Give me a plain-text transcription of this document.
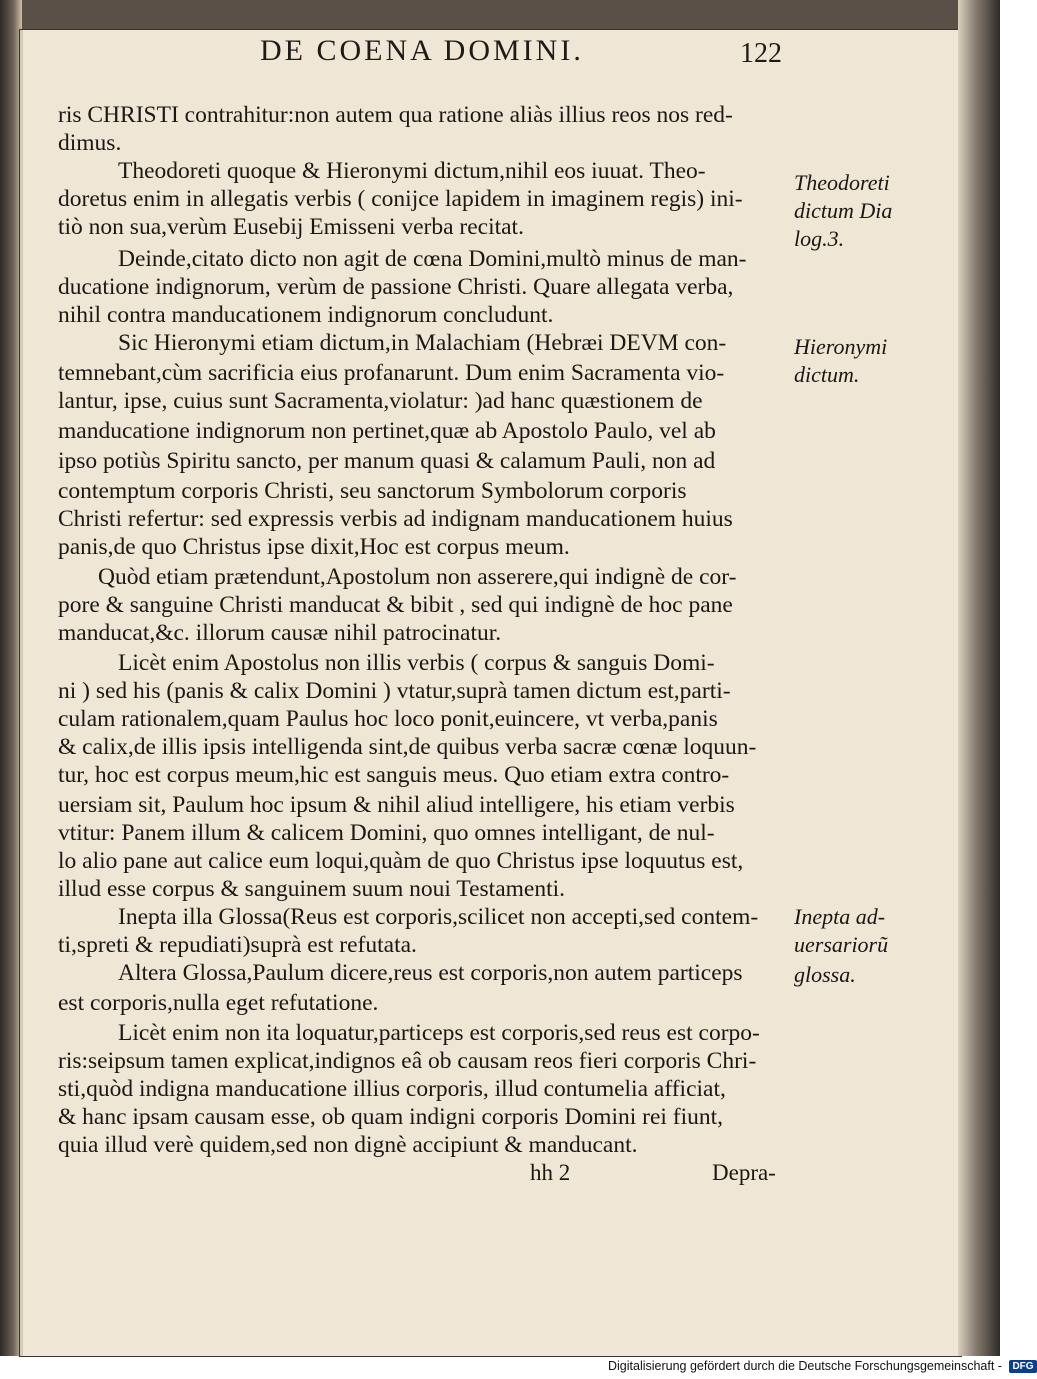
DE COENA DOMINI.	122
ris CHRISTI contrahitur:non autem qua ratione aliàs illius reos nos red-
dimus.
Theodoreti quoque & Hieronymi dictum,nihil eos iuuat. Theo-
doretus enim in allegatis verbis ( conijce lapidem in imaginem regis) ini-
tiò non sua,verùm Eusebij Emisseni verba recitat.
Deinde,citato dicto non agit de cœna Domini,multò minus de man-
ducatione indignorum, verùm de passione Christi. Quare allegata verba,
nihil contra manducationem indignorum concludunt.
Sic Hieronymi etiam dictum,in Malachiam (Hebræi DEVM con-
temnebant,cùm sacrificia eius profanarunt. Dum enim Sacramenta vio-
lantur, ipse, cuius sunt Sacramenta,violatur: )ad hanc quæstionem de
manducatione indignorum non pertinet,quæ ab Apostolo Paulo, vel ab
ipso potiùs Spiritu sancto, per manum quasi & calamum Pauli, non ad
contemptum corporis Christi, seu sanctorum Symbolorum corporis
Christi refertur: sed expressis verbis ad indignam manducationem huius
panis,de quo Christus ipse dixit,Hoc est corpus meum.
Quòd etiam prætendunt,Apostolum non asserere,qui indignè de cor-
pore & sanguine Christi manducat & bibit , sed qui indignè de hoc pane
manducat,&c. illorum causæ nihil patrocinatur.
Licèt enim Apostolus non illis verbis ( corpus & sanguis Domi-
ni ) sed his (panis & calix Domini ) vtatur,suprà tamen dictum est,parti-
culam rationalem,quam Paulus hoc loco ponit,euincere, vt verba,panis
& calix,de illis ipsis intelligenda sint,de quibus verba sacræ cœnæ loquun-
tur, hoc est corpus meum,hic est sanguis meus. Quo etiam extra contro-
uersiam sit, Paulum hoc ipsum & nihil aliud intelligere, his etiam verbis
vtitur: Panem illum & calicem Domini, quo omnes intelligant, de nul-
lo alio pane aut calice eum loqui,quàm de quo Christus ipse loquutus est,
illud esse corpus & sanguinem suum noui Testamenti.
Inepta illa Glossa(Reus est corporis,scilicet non accepti,sed contem-
ti,spreti & repudiati)suprà est refutata.
Altera Glossa,Paulum dicere,reus est corporis,non autem particeps
est corporis,nulla eget refutatione.
Licèt enim non ita loquatur,particeps est corporis,sed reus est corpo-
ris:seipsum tamen explicat,indignos eâ ob causam reos fieri corporis Chri-
sti,quòd indigna manducatione illius corporis, illud contumelia afficiat,
& hanc ipsam causam esse, ob quam indigni corporis Domini rei fiunt,
quia illud verè quidem,sed non dignè accipiunt & manducant.
Theodoreti
dictum Dia
log.3.
Hieronymi
dictum.
Inepta ad-
uersariorũ
glossa.
hh 2	Depra-
Digitalisierung gefördert durch die Deutsche Forschungsgemeinschaft - DFG
